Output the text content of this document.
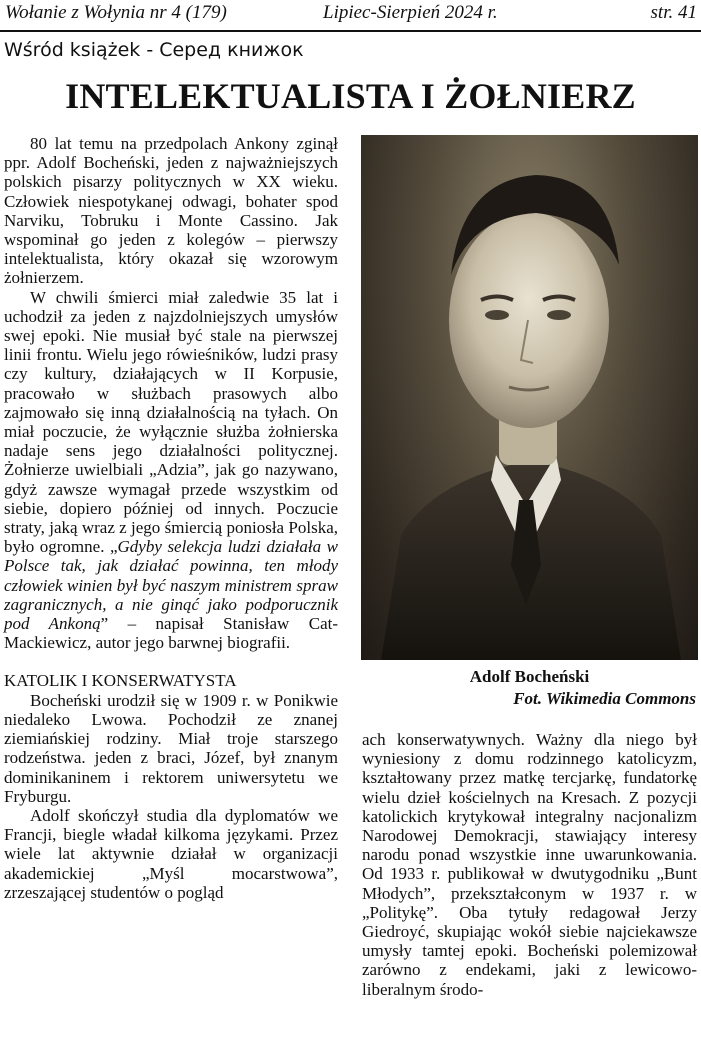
Wołanie z Wołynia nr 4 (179)	Lipiec-Sierpień 2024 r.	str. 41
Wśród książek - Серед книжок
INTELEKTUALISTA I ŻOŁNIERZ

80 lat temu na przedpolach Ankony zginął ppr. Adolf Bocheński, jeden z najważniejszych polskich pisarzy politycznych w XX wieku. Człowiek niespotykanej odwagi, bohater spod Narviku, Tobruku i Monte Cassino. Jak wspominał go jeden z kolegów – pierwszy intelektualista, który okazał się wzorowym żołnierzem.

W chwili śmierci miał zaledwie 35 lat i uchodził za jeden z najzdolniejszych umysłów swej epoki. Nie musiał być stale na pierwszej linii frontu. Wielu jego rówieśników, ludzi prasy czy kultury, działających w II Korpusie, pracowało w służbach prasowych albo zajmowało się inną działalnością na tyłach. On miał poczucie, że wyłącznie służba żołnierska nadaje sens jego działalności politycznej. Żołnierze uwielbiali „Adzia”, jak go nazywano, gdyż zawsze wymagał przede wszystkim od siebie, dopiero później od innych. Poczucie straty, jaką wraz z jego śmiercią poniosła Polska, było ogromne. „Gdyby selekcja ludzi działała w Polsce tak, jak działać powinna, ten młody człowiek winien był być naszym ministrem spraw zagranicznych, a nie ginąć jako podporucznik pod Ankoną” – napisał Stanisław Cat-Mackiewicz, autor jego barwnej biografii.

KATOLIK I KONSERWATYSTA

Bocheński urodził się w 1909 r. w Ponikwie niedaleko Lwowa. Pochodził ze znanej ziemiańskiej rodziny. Miał troje starszego rodzeństwa. jeden z braci, Józef, był znanym dominikaninem i rektorem uniwersytetu we Fryburgu.

Adolf skończył studia dla dyplomatów we Francji, biegle władał kilkoma językami. Przez wiele lat aktywnie działał w organizacji akademickiej „Myśl mocarstwowa”, zrzeszającej studentów o pogląd

Adolf Bocheński
Fot. Wikimedia Commons

ach konserwatywnych. Ważny dla niego był wyniesiony z domu rodzinnego katolicyzm, kształtowany przez matkę tercjarkę, fundatorkę wielu dzieł kościelnych na Kresach. Z pozycji katolickich krytykował integralny nacjonalizm Narodowej Demokracji, stawiający interesy narodu ponad wszystkie inne uwarunkowania. Od 1933 r. publikował w dwutygodniku „Bunt Młodych”, przekształconym w 1937 r. w „Politykę”. Oba tytuły redagował Jerzy Giedroyć, skupiając wokół siebie najciekawsze umysły tamtej epoki. Bocheński polemizował zarówno z endekami, jaki z lewicowo-liberalnym środo-
